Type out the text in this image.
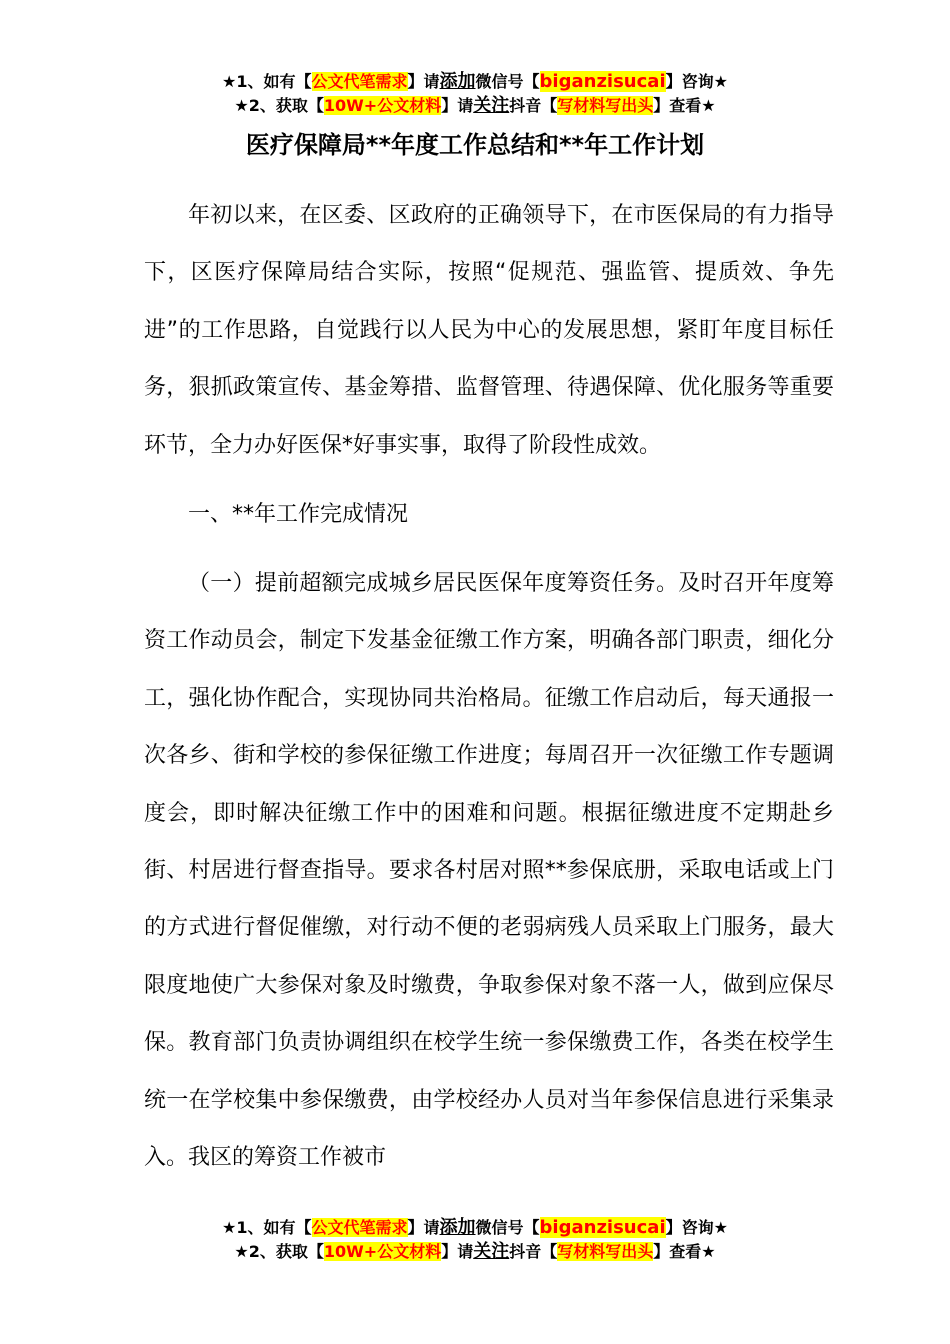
★1、如有【公文代笔需求】请添加微信号【biganzisucai】咨询★
★2、获取【10W+公文材料】请关注抖音【写材料写出头】查看★
医疗保障局**年度工作总结和**年工作计划

年初以来，在区委、区政府的正确领导下，在市医保局的有力指导下，区医疗保障局结合实际，按照“促规范、强监管、提质效、争先进”的工作思路，自觉践行以人民为中心的发展思想，紧盯年度目标任务，狠抓政策宣传、基金筹措、监督管理、待遇保障、优化服务等重要环节，全力办好医保*好事实事，取得了阶段性成效。

一、**年工作完成情况

（一）提前超额完成城乡居民医保年度筹资任务。及时召开年度筹资工作动员会，制定下发基金征缴工作方案，明确各部门职责，细化分工，强化协作配合，实现协同共治格局。征缴工作启动后，每天通报一次各乡、街和学校的参保征缴工作进度；每周召开一次征缴工作专题调度会，即时解决征缴工作中的困难和问题。根据征缴进度不定期赴乡街、村居进行督查指导。要求各村居对照**参保底册，采取电话或上门的方式进行督促催缴，对行动不便的老弱病残人员采取上门服务，最大限度地使广大参保对象及时缴费，争取参保对象不落一人，做到应保尽保。教育部门负责协调组织在校学生统一参保缴费工作，各类在校学生统一在学校集中参保缴费，由学校经办人员对当年参保信息进行采集录入。我区的筹资工作被市

★1、如有【公文代笔需求】请添加微信号【biganzisucai】咨询★
★2、获取【10W+公文材料】请关注抖音【写材料写出头】查看★
